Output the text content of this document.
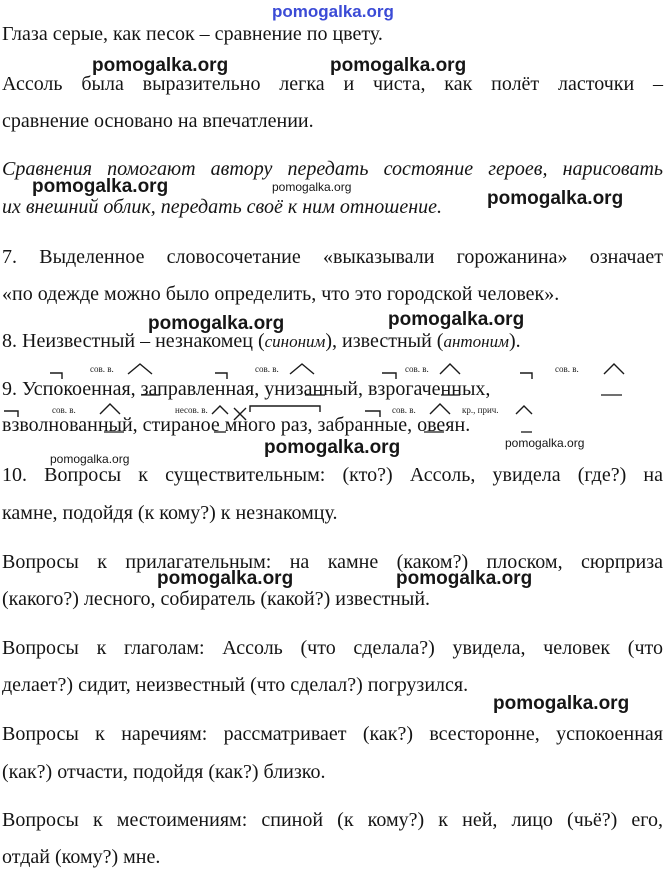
pomogalka.org
Глаза серые, как песок – сравнение по цвету.
Ассоль была выразительно легка и чиста, как полёт ласточки –
сравнение основано на впечатлении.
Сравнения помогают автору передать состояние героев, нарисовать
их внешний облик, передать своё к ним отношение.
7. Выделенное словосочетание «выказывали горожанина» означает
«по одежде можно было определить, что это городской человек».
8. Неизвестный – незнакомец (синоним), известный (антоним).
9. Успокоенная, заправленная, унизанный, взрогаченных,
взволнованный, стираное много раз, забранные, овеян.
10. Вопросы к существительным: (кто?) Ассоль, увидела (где?) на
камне, подойдя (к кому?) к незнакомцу.
Вопросы к прилагательным: на камне (каком?) плоском, сюрприза
(какого?) лесного, собиратель (какой?) известный.
Вопросы к глаголам: Ассоль (что сделала?) увидела, человек (что
делает?) сидит, неизвестный (что сделал?) погрузился.
Вопросы к наречиям: рассматривает (как?) всесторонне, успокоенная
(как?) отчасти, подойдя (как?) близко.
Вопросы к местоимениям: спиной (к кому?) к ней, лицо (чьё?) его,
отдай (кому?) мне.
сов. в.	сов. в.	сов. в.	сов. в.
сов. в.	несов. в.	сов. в.	кр., прич.
pomogalka.org	pomogalka.org
pomogalka.org	pomogalka.org
pomogalka.org
pomogalka.org	pomogalka.org
pomogalka.org	pomogalka.org
pomogalka.org
pomogalka.org	pomogalka.org
pomogalka.org
